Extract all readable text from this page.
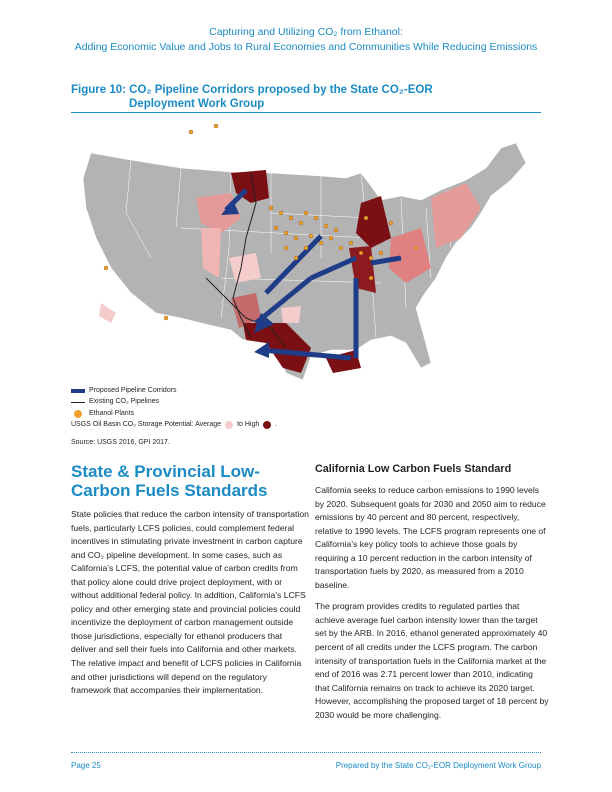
Capturing and Utilizing CO₂ from Ethanol:
Adding Economic Value and Jobs to Rural Economies and Communities While Reducing Emissions
Figure 10: CO₂ Pipeline Corridors proposed by the State CO₂-EOR
Deployment Work Group
Proposed Pipeline Corridors
Existing CO₂ Pipelines
Ethanol Plants
USGS Oil Basin CO₂ Storage Potential: Average to High .
Source: USGS 2016, GPI 2017.
State & Provincial Low-Carbon Fuels Standards
State policies that reduce the carbon intensity of transportation fuels, particularly LCFS policies, could complement federal incentives in stimulating private investment in carbon capture and CO₂ pipeline development. In some cases, such as California’s LCFS, the potential value of carbon credits from that policy alone could drive project deployment, with or without additional federal policy. In addition, California’s LCFS policy and other emerging state and provincial policies could incentivize the deployment of carbon management outside those jurisdictions, especially for ethanol producers that deliver and sell their fuels into California and other markets. The relative impact and benefit of LCFS policies in California and other jurisdictions will depend on the regulatory framework that accompanies their implementation.
California Low Carbon Fuels Standard

California seeks to reduce carbon emissions to 1990 levels by 2020. Subsequent goals for 2030 and 2050 aim to reduce emissions by 40 percent and 80 percent, respectively, relative to 1990 levels. The LCFS program represents one of California’s key policy tools to achieve those goals by requiring a 10 percent reduction in the carbon intensity of transportation fuels by 2020, as measured from a 2010 baseline.

The program provides credits to regulated parties that achieve average fuel carbon intensity lower than the target set by the ARB. In 2016, ethanol generated approximately 40 percent of all credits under the LCFS program. The carbon intensity of transportation fuels in the California market at the end of 2016 was 2.71 percent lower than 2010, indicating that California remains on track to achieve its 2020 target. However, accomplishing the proposed target of 18 percent by 2030 would be more challenging.

Page 25	Prepared by the State CO₂-EOR Deployment Work Group
